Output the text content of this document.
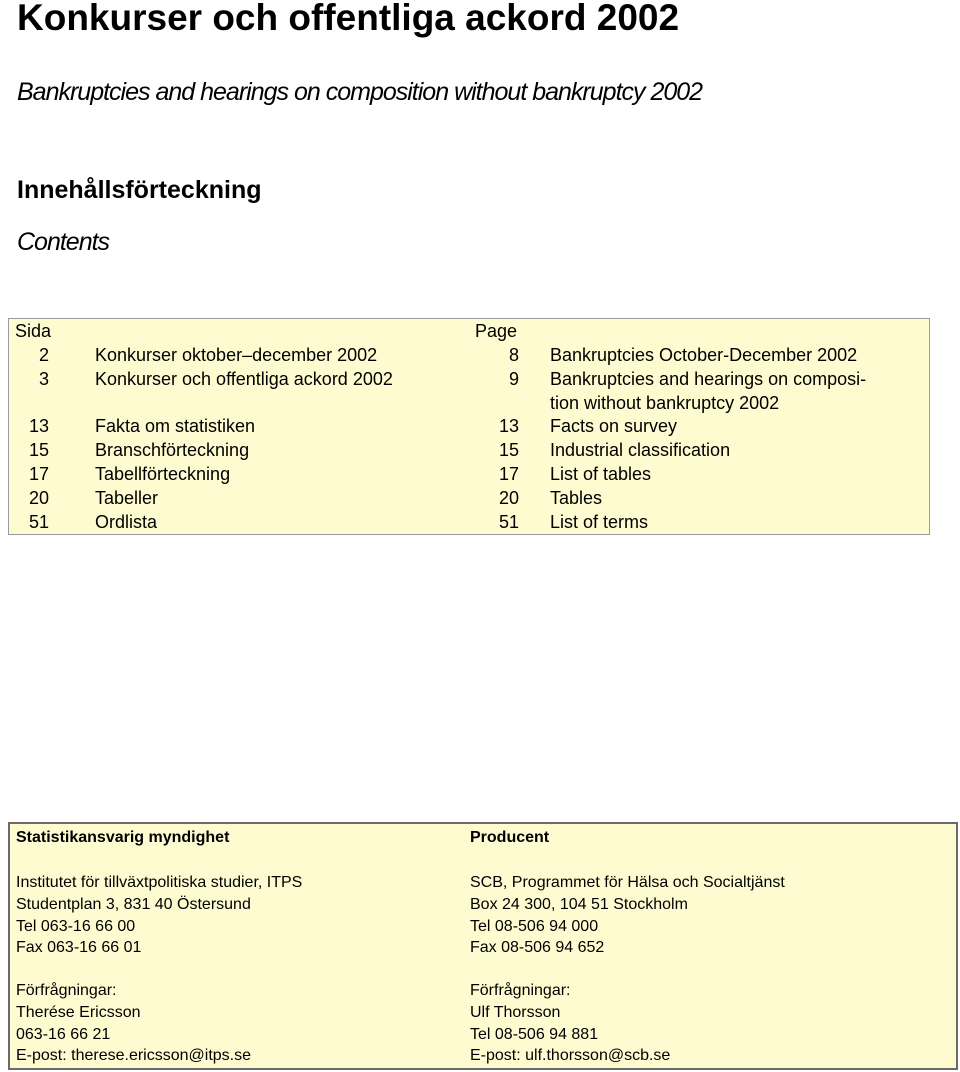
Konkurser och offentliga ackord 2002
Bankruptcies and hearings on composition without bankruptcy 2002
Innehållsförteckning
Contents
Sida	Page
2	Konkurser oktober–december 2002	8 Bankruptcies October-December 2002
3	Konkurser och offentliga ackord 2002	9 Bankruptcies and hearings on composi-
tion without bankruptcy 2002
13	Fakta om statistiken	13 Facts on survey
15	Branschförteckning	15 Industrial classification
17	Tabellförteckning	17 List of tables
20	Tabeller	20 Tables
51	Ordlista	51 List of terms
Statistikansvarig myndighet
Institutet för tillväxtpolitiska studier, ITPS
Studentplan 3, 831 40 Östersund
Tel 063-16 66 00
Fax 063-16 66 01
Förfrågningar:
Therése Ericsson
063-16 66 21
E-post: therese.ericsson@itps.se
Producent
SCB, Programmet för Hälsa och Socialtjänst
Box 24 300, 104 51 Stockholm
Tel 08-506 94 000
Fax 08-506 94 652
Förfrågningar:
Ulf Thorsson
Tel 08-506 94 881
E-post: ulf.thorsson@scb.se
